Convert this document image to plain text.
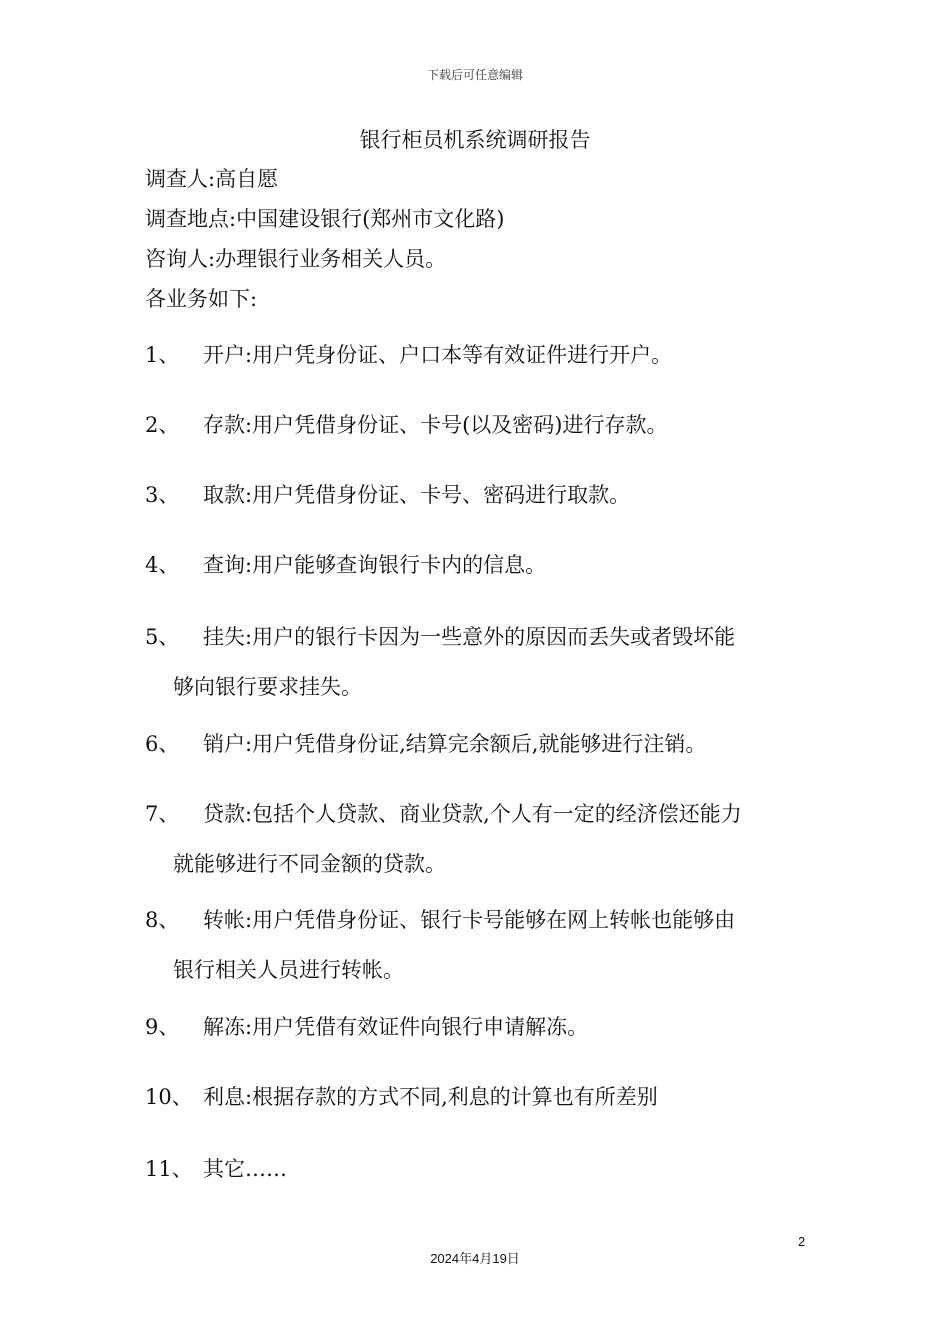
下载后可任意编辑
银行柜员机系统调研报告
调查人:高自愿
调查地点:中国建设银行(郑州市文化路)
咨询人:办理银行业务相关人员。
各业务如下:
1、 开户:用户凭身份证、户口本等有效证件进行开户。
2、 存款:用户凭借身份证、卡号(以及密码)进行存款。
3、 取款:用户凭借身份证、卡号、密码进行取款。
4、 查询:用户能够查询银行卡内的信息。
5、 挂失:用户的银行卡因为一些意外的原因而丢失或者毁坏能
够向银行要求挂失。
6、 销户:用户凭借身份证,结算完余额后,就能够进行注销。
7、 贷款:包括个人贷款、商业贷款,个人有一定的经济偿还能力
就能够进行不同金额的贷款。
8、 转帐:用户凭借身份证、银行卡号能够在网上转帐也能够由
银行相关人员进行转帐。
9、 解冻:用户凭借有效证件向银行申请解冻。
10、 利息:根据存款的方式不同,利息的计算也有所差别
11、 其它……
2
2024年4月19日
